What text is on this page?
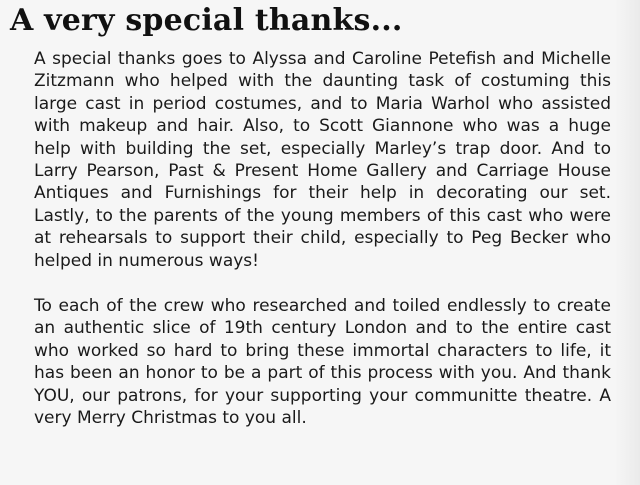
A very special thanks...

A special thanks goes to Alyssa and Caroline Petefish and Michelle Zitzmann who helped with the daunting task of costuming this large cast in period costumes, and to Maria Warhol who assisted with makeup and hair. Also, to Scott Giannone who was a huge help with building the set, especially Marley’s trap door. And to Larry Pearson, Past & Present Home Gallery and Carriage House Antiques and Furnishings for their help in decorating our set. Lastly, to the parents of the young members of this cast who were at rehearsals to support their child, especially to Peg Becker who helped in numerous ways!

To each of the crew who researched and toiled endlessly to create an authentic slice of 19th century London and to the entire cast who worked so hard to bring these immortal characters to life, it has been an honor to be a part of this process with you. And thank YOU, our patrons, for your supporting your communitte theatre. A very Merry Christmas to you all.
